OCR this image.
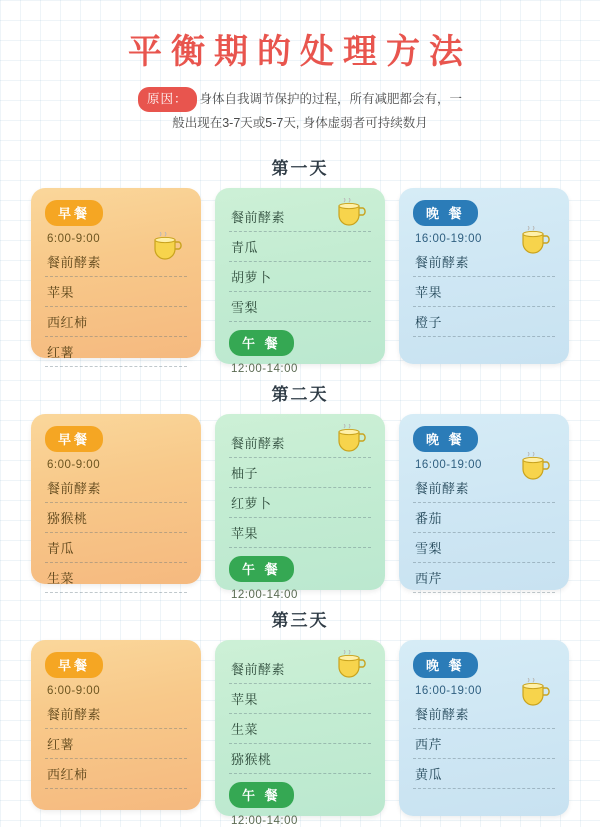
平衡期的处理方法
原因： 身体自我调节保护的过程，所有减肥都会有，一
般出现在3-7天或5-7天, 身体虚弱者可持续数月
第一天
早餐
6:00-9:00
餐前酵素
苹果
西红柿
红薯
餐前酵素
青瓜
胡萝卜
雪梨
午 餐
12:00-14:00
晚 餐
16:00-19:00
餐前酵素
苹果
橙子
第二天
早餐
6:00-9:00
餐前酵素
猕猴桃
青瓜
生菜
餐前酵素
柚子
红萝卜
苹果
午 餐
12:00-14:00
晚 餐
16:00-19:00
餐前酵素
番茄
雪梨
西芹
第三天
早餐
6:00-9:00
餐前酵素
红薯
西红柿
餐前酵素
苹果
生菜
猕猴桃
午 餐
12:00-14:00
晚 餐
16:00-19:00
餐前酵素
西芹
黄瓜
